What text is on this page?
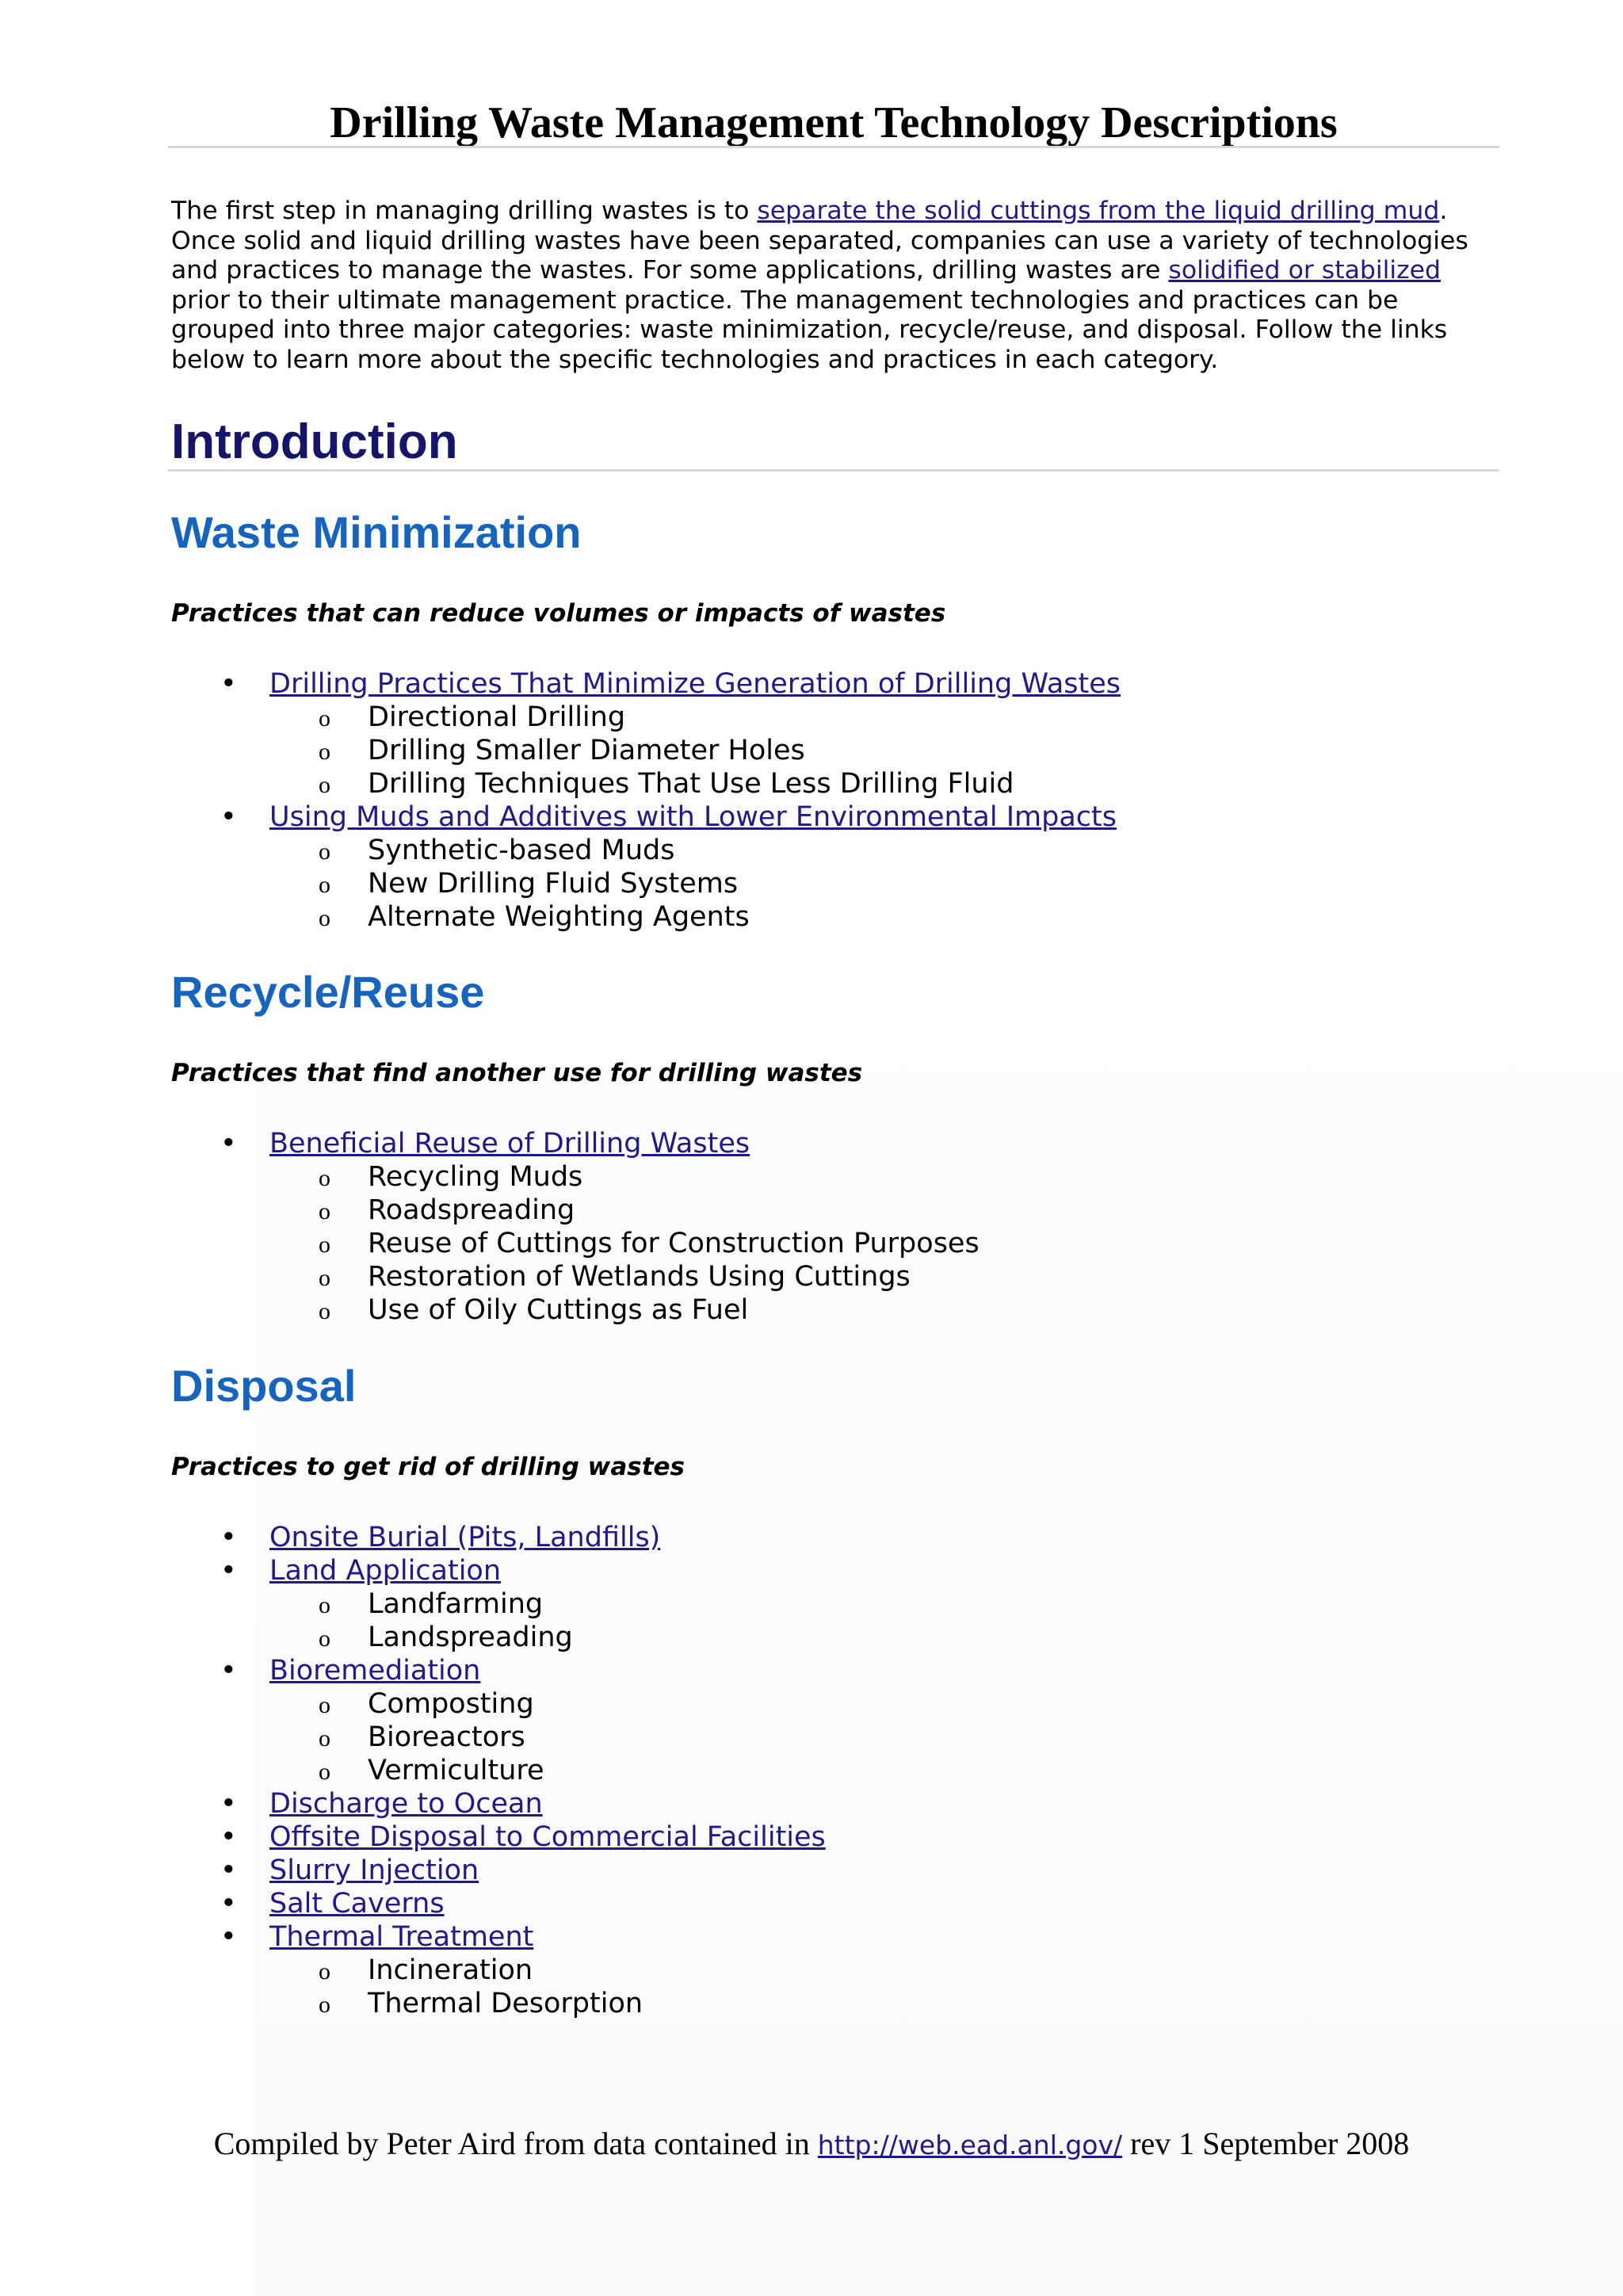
Drilling Waste Management Technology Descriptions

The first step in managing drilling wastes is to separate the solid cuttings from the liquid drilling mud. Once solid and liquid drilling wastes have been separated, companies can use a variety of technologies and practices to manage the wastes. For some applications, drilling wastes are solidified or stabilized prior to their ultimate management practice. The management technologies and practices can be grouped into three major categories: waste minimization, recycle/reuse, and disposal. Follow the links below to learn more about the specific technologies and practices in each category.

Introduction
Waste Minimization

Practices that can reduce volumes or impacts of wastes

• Drilling Practices That Minimize Generation of Drilling Wastes
o Directional Drilling
o Drilling Smaller Diameter Holes
o Drilling Techniques That Use Less Drilling Fluid
• Using Muds and Additives with Lower Environmental Impacts
o Synthetic-based Muds
o New Drilling Fluid Systems
o Alternate Weighting Agents
Recycle/Reuse

Practices that find another use for drilling wastes

• Beneficial Reuse of Drilling Wastes
o Recycling Muds
o Roadspreading
o Reuse of Cuttings for Construction Purposes
o Restoration of Wetlands Using Cuttings
o Use of Oily Cuttings as Fuel
Disposal

Practices to get rid of drilling wastes

• Onsite Burial (Pits, Landfills)
• Land Application
o Landfarming
o Landspreading
• Bioremediation
o Composting
o Bioreactors
o Vermiculture
• Discharge to Ocean
• Offsite Disposal to Commercial Facilities
• Slurry Injection
• Salt Caverns
• Thermal Treatment
o Incineration
o Thermal Desorption

Compiled by Peter Aird from data contained in http://web.ead.anl.gov/ rev 1 September 2008
